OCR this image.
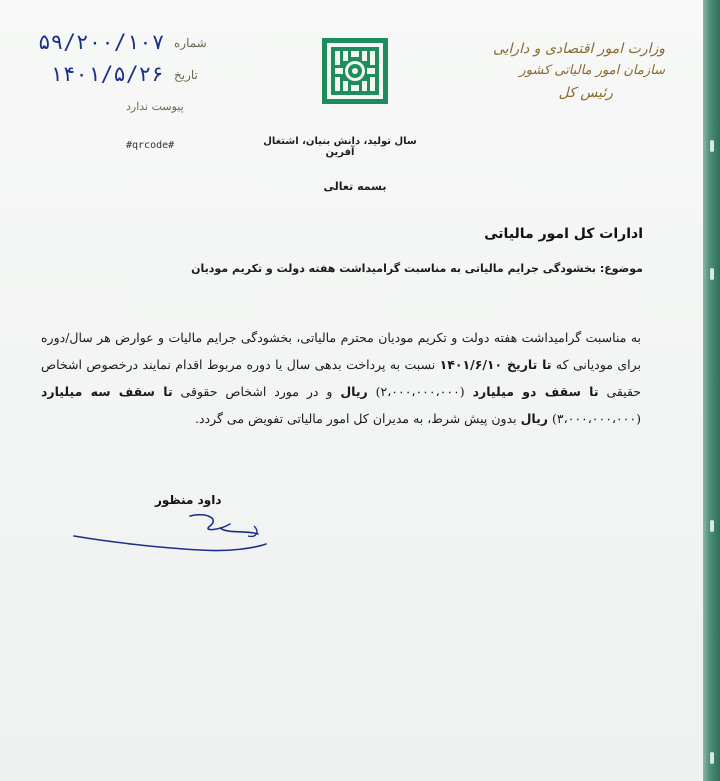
شماره
۵۹/۲۰۰/۱۰۷
تاریخ
۱۴۰۱/۵/۲۶
پیوست ندارد
سال تولید، دانش بنیان، اشتغال آفرین
#qrcode#
وزارت امور اقتصادی و دارایی
سازمان امور مالیاتی کشور
رئیس کل
بسمه تعالی
ادارات کل امور مالیاتی
موضوع: بخشودگی جرایم مالیاتی به مناسبت گرامیداشت هفته دولت و تکریم مودیان
به مناسبت گرامیداشت هفته دولت و تکریم مودیان محترم مالیاتی، بخشودگی جرایم مالیات و عوارض هر سال/دوره برای مودیانی که تا تاریخ ۱۴۰۱/۶/۱۰ نسبت به پرداخت بدهی سال یا دوره مربوط اقدام نمایند درخصوص اشخاص حقیقی تا سقف دو میلیارد (۲،۰۰۰،۰۰۰،۰۰۰) ریال و در مورد اشخاص حقوقی تا سقف سه میلیارد (۳،۰۰۰،۰۰۰،۰۰۰) ریال بدون پیش شرط، به مدیران کل امور مالیاتی تفویض می گردد.
داود منظور
